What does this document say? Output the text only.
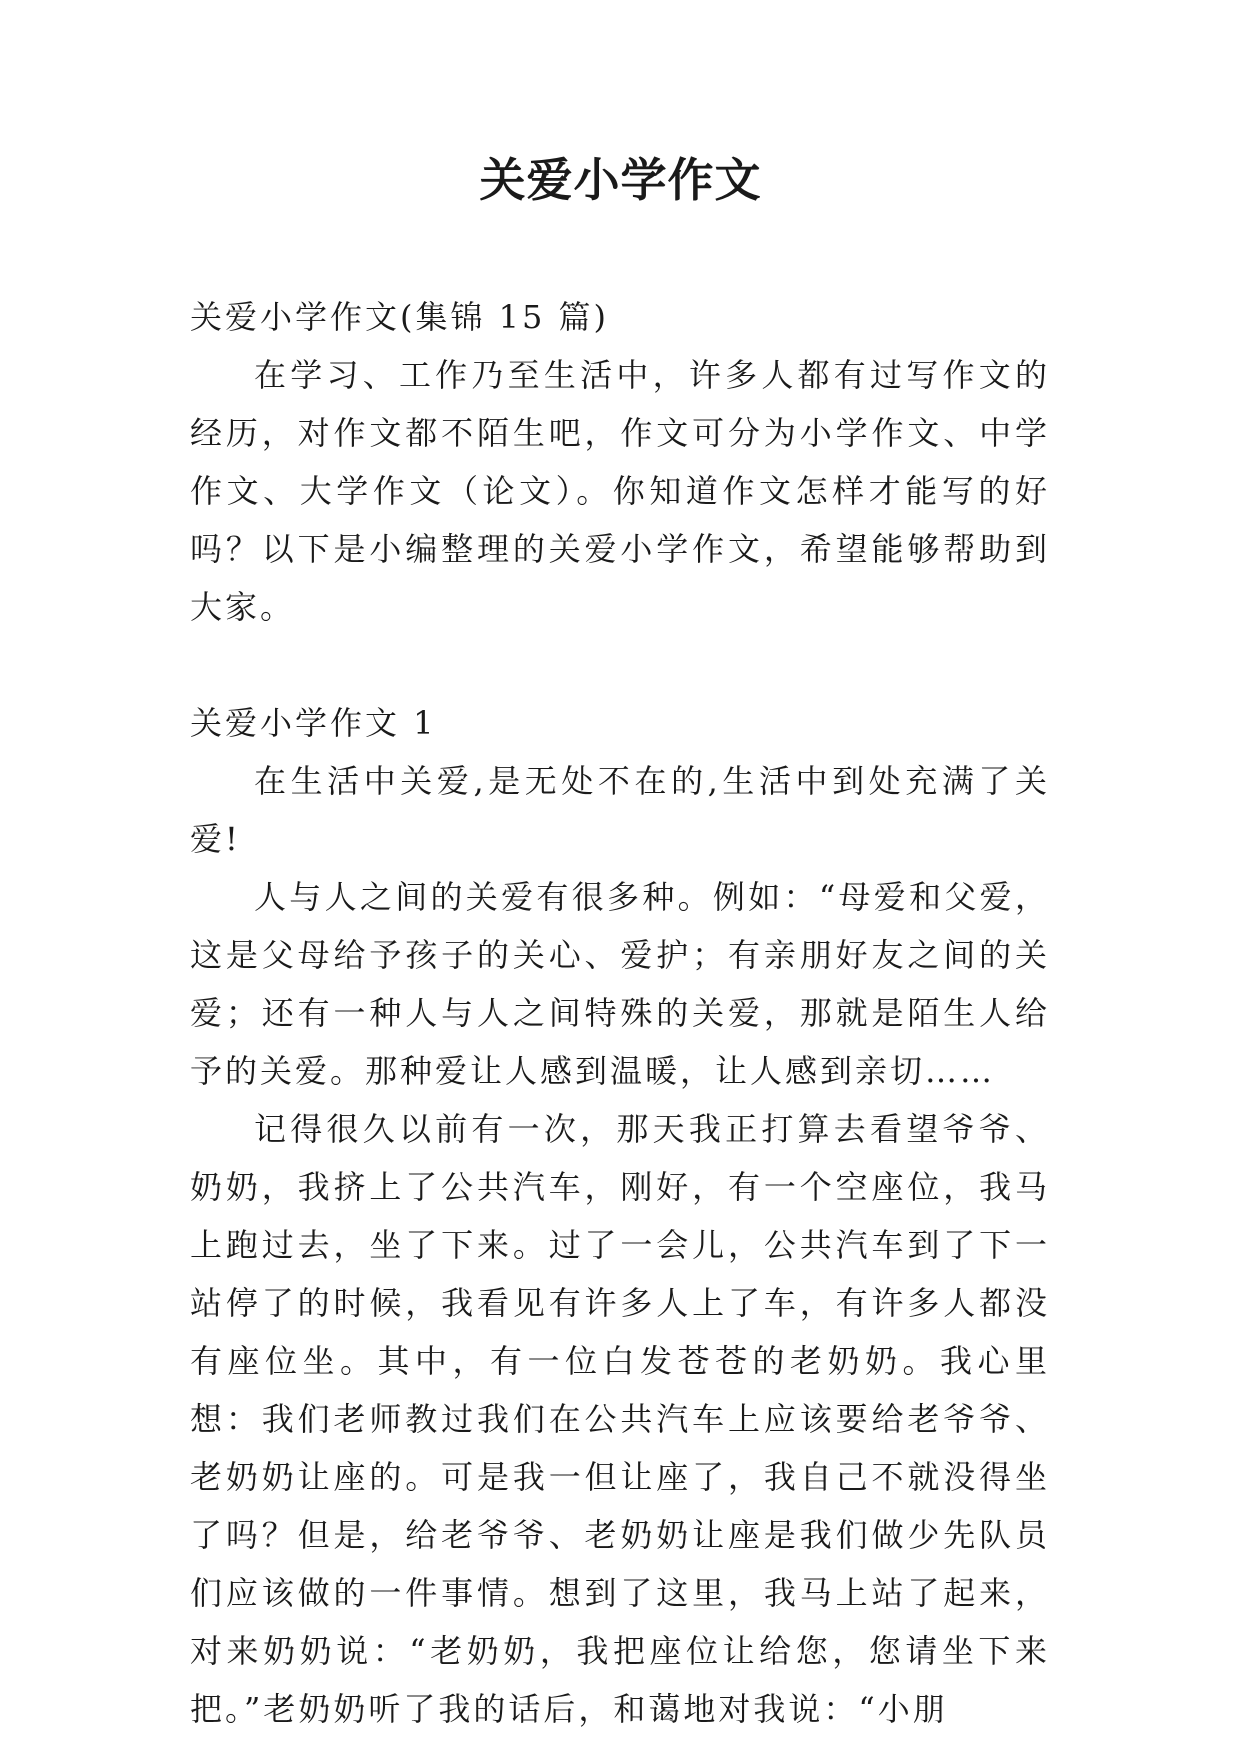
关爱小学作文

关爱小学作文(集锦 15 篇)

在学习、工作乃至生活中，许多人都有过写作文的经历，对作文都不陌生吧，作文可分为小学作文、中学作文、大学作文（论文）。你知道作文怎样才能写的好吗？以下是小编整理的关爱小学作文，希望能够帮助到大家。

关爱小学作文 1

在生活中关爱,是无处不在的,生活中到处充满了关爱!

人与人之间的关爱有很多种。例如：“母爱和父爱，这是父母给予孩子的关心、爱护；有亲朋好友之间的关爱；还有一种人与人之间特殊的关爱，那就是陌生人给予的关爱。那种爱让人感到温暖，让人感到亲切……

记得很久以前有一次，那天我正打算去看望爷爷、奶奶，我挤上了公共汽车，刚好，有一个空座位，我马上跑过去，坐了下来。过了一会儿，公共汽车到了下一站停了的时候，我看见有许多人上了车，有许多人都没有座位坐。其中，有一位白发苍苍的老奶奶。我心里想：我们老师教过我们在公共汽车上应该要给老爷爷、老奶奶让座的。可是我一但让座了，我自己不就没得坐了吗？但是，给老爷爷、老奶奶让座是我们做少先队员们应该做的一件事情。想到了这里，我马上站了起来，对来奶奶说：“老奶奶，我把座位让给您，您请坐下来把。”老奶奶听了我的话后，和蔼地对我说：“小朋
